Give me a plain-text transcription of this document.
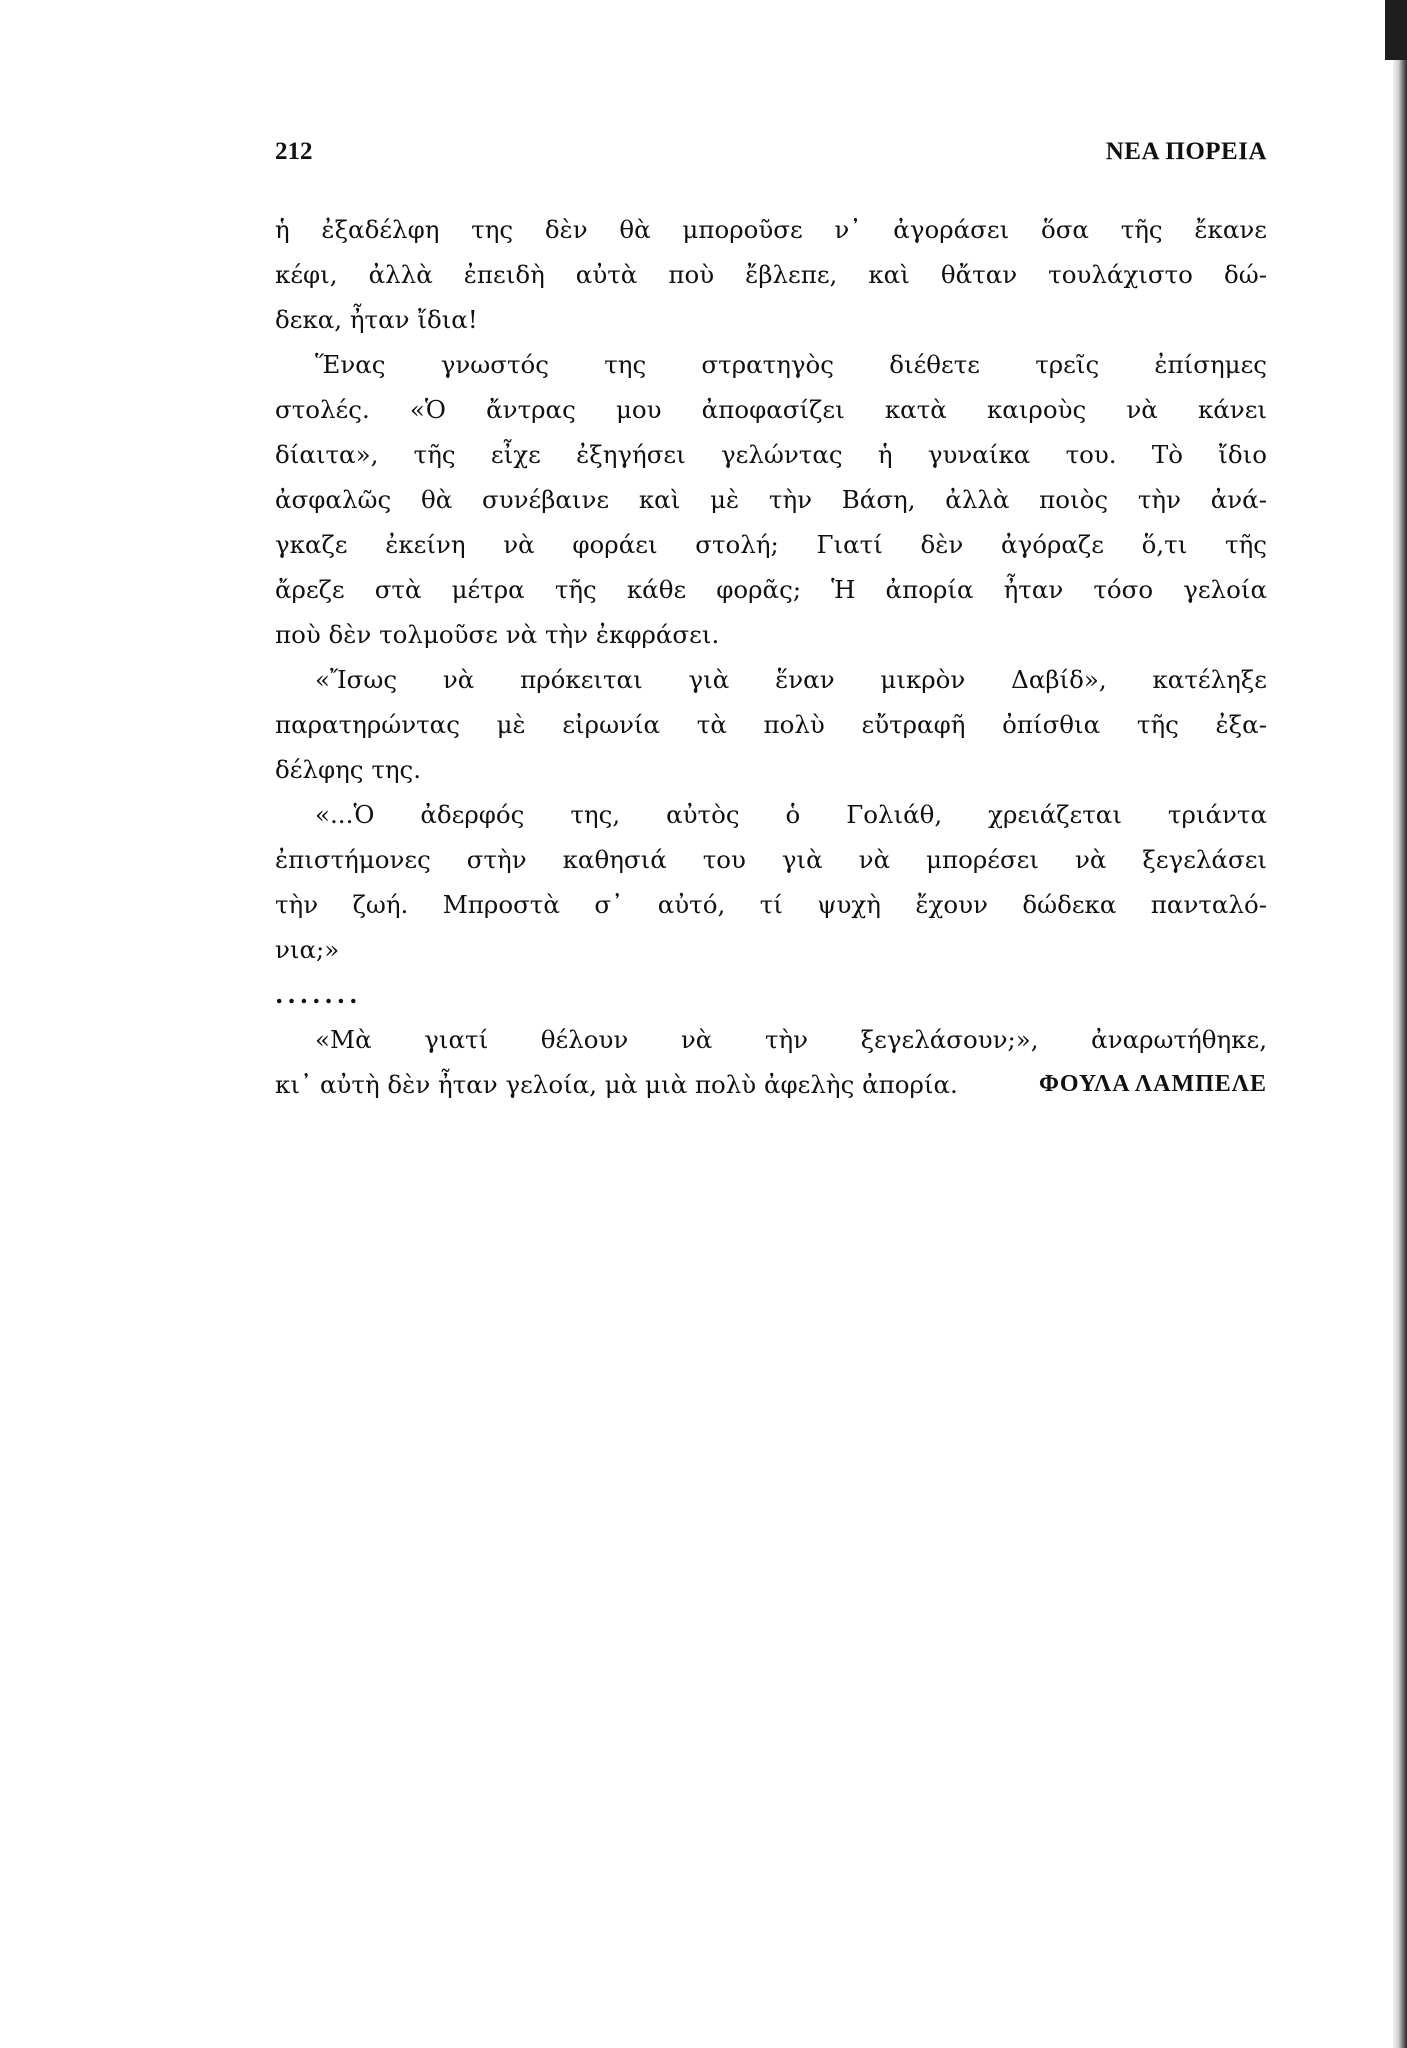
212	ΝΕΑ ΠΟΡΕΙΑ
ἡ ἐξαδέλφη της δὲν θὰ μποροῦσε ν᾽ ἀγοράσει ὅσα τῆς ἔκανε
κέφι, ἀλλὰ ἐπειδὴ αὐτὰ ποὺ ἔβλεπε, καὶ θἄταν τουλάχιστο δώ-
δεκα, ἦταν ἴδια!
Ἕνας γνωστός της στρατηγὸς διέθετε τρεῖς ἐπίσημες
στολές. «Ὁ ἄντρας μου ἀποφασίζει κατὰ καιροὺς νὰ κάνει
δίαιτα», τῆς εἶχε ἐξηγήσει γελώντας ἡ γυναίκα του. Τὸ ἴδιο
ἀσφαλῶς θὰ συνέβαινε καὶ μὲ τὴν Βάση, ἀλλὰ ποιὸς τὴν ἀνά-
γκαζε ἐκείνη νὰ φοράει στολή; Γιατί δὲν ἀγόραζε ὅ,τι τῆς
ἄρεζε στὰ μέτρα τῆς κάθε φορᾶς; Ἡ ἀπορία ἦταν τόσο γελοία
ποὺ δὲν τολμοῦσε νὰ τὴν ἐκφράσει.
«Ἴσως νὰ πρόκειται γιὰ ἕναν μικρὸν Δαβίδ», κατέληξε
παρατηρώντας μὲ εἰρωνία τὰ πολὺ εὔτραφῆ ὀπίσθια τῆς ἐξα-
δέλφης της.
«...Ὁ ἀδερφός της, αὐτὸς ὁ Γολιάθ, χρειάζεται τριάντα
ἐπιστήμονες στὴν καθησιά του γιὰ νὰ μπορέσει νὰ ξεγελάσει
τὴν ζωή. Μπροστὰ σ᾽ αὐτό, τί ψυχὴ ἔχουν δώδεκα πανταλό-
νια;»
.......
«Μὰ γιατί θέλουν νὰ τὴν ξεγελάσουν;», ἀναρωτήθηκε,
κι᾽ αὐτὴ δὲν ἦταν γελοία, μὰ μιὰ πολὺ ἀφελὴς ἀπορία.	ΦΟΥΛΑ ΛΑΜΠΕΛΕ
